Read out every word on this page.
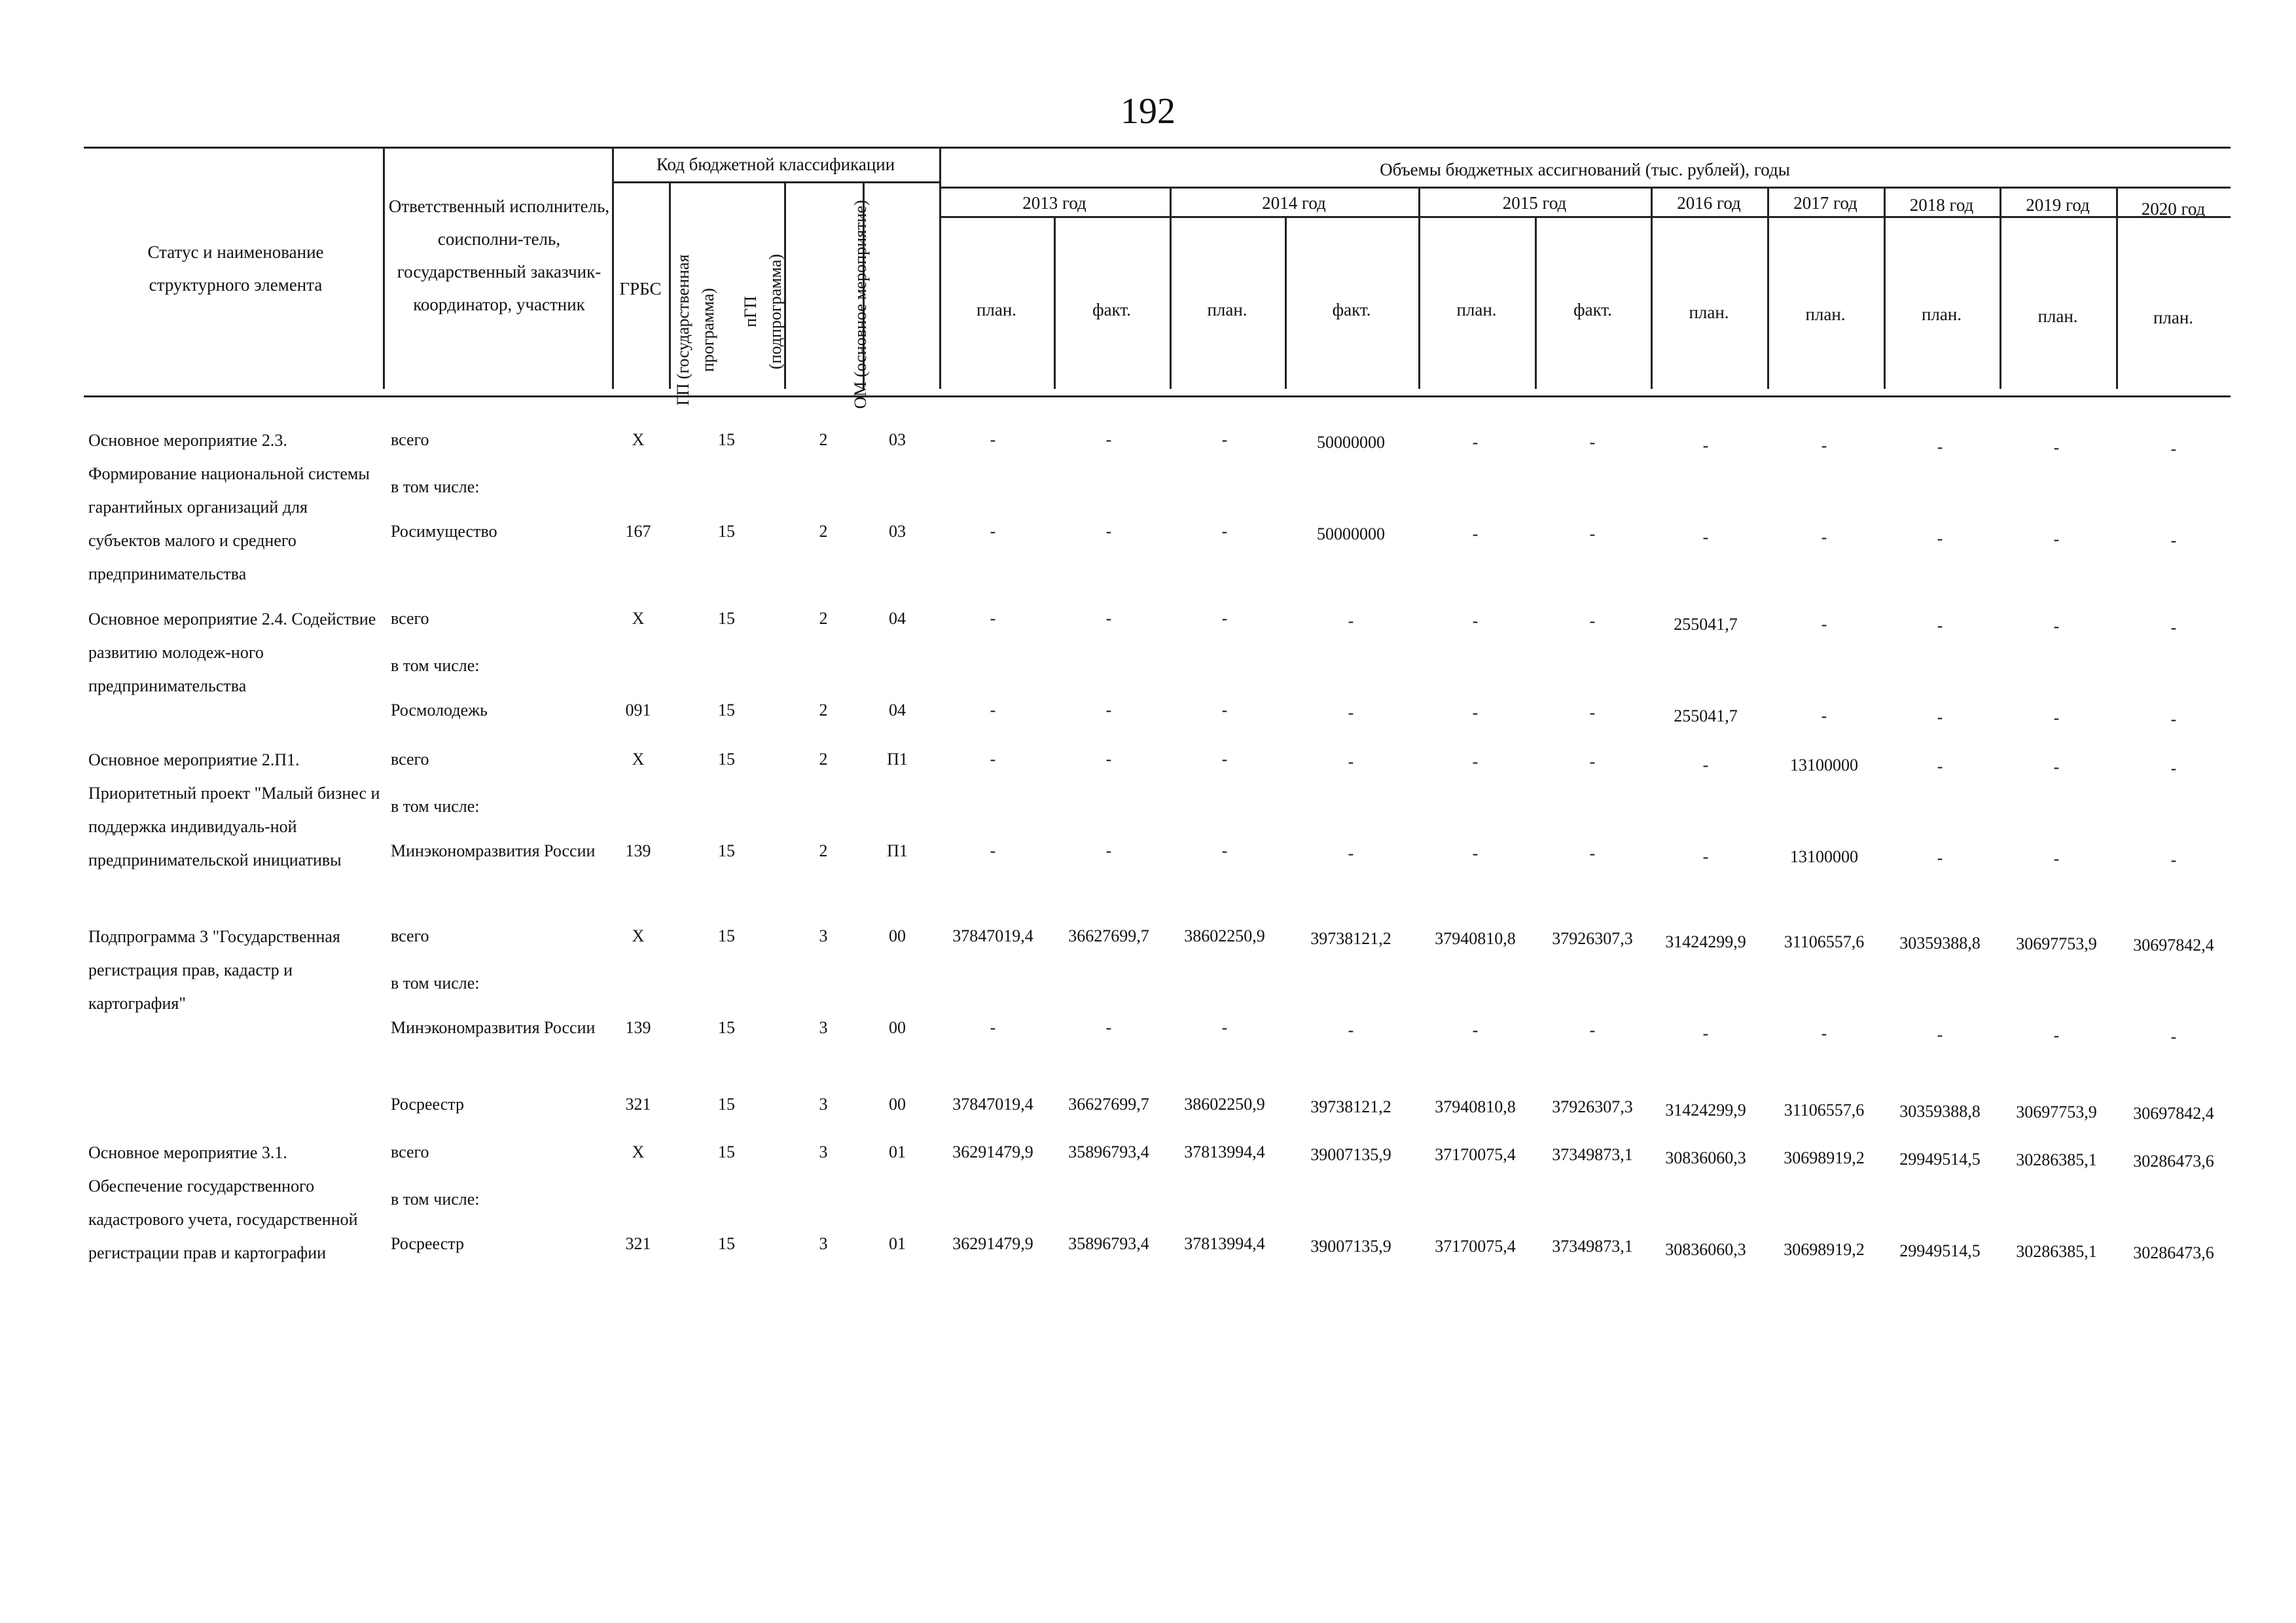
192
Статус и наименование структурного элемента
Ответственный исполнитель, соисполни-тель, государственный заказчик-координатор, участник
Код бюджетной классификации
ГРБС ГП (государственная программа)	пГП (подпрограмма)	ОМ (основное мероприятие)
Объемы бюджетных ассигнований (тыс. рублей), годы
2013 год	2014 год	2015 год	2016 год	2017 год	2018 год	2019 год	2020 год
план.	факт.	план.	факт.	план.	факт.	план.	план.	план.	план.	план.
Основное мероприятие 2.3. Формирование национальной системы гарантийных организаций для субъектов малого и среднего предпринимательства
всего	Х	15	2	03	-	-	-	50000000	-	-	-	-	-	-	-
в том числе:
Росимущество	167	15	2	03	-	-	-	50000000	-	-	-	-	-	-	-
Основное мероприятие 2.4. Содействие развитию молодеж-ного предпринимательства
всего	Х	15	2	04	-	-	-	-	-	-	255041,7	-	-	-	-
в том числе:
Росмолодежь	091	15	2	04	-	-	-	-	-	-	255041,7	-	-	-	-
Основное мероприятие 2.П1. Приоритетный проект "Малый бизнес и поддержка индивидуаль-ной предпринимательской инициативы
всего	Х	15	2	П1	-	-	-	-	-	-	-	13100000	-	-	-
в том числе:
Минэкономразвития России	139	15	2	П1	-	-	-	-	-	-	-	13100000	-	-	-
Подпрограмма 3 "Государственная регистрация прав, кадастр и картография"
всего	Х	15	3	00	37847019,4 36627699,7 38602250,9	39738121,2	37940810,8 37926307,3 31424299,9 31106557,6 30359388,8 30697753,9 30697842,4
в том числе:
Минэкономразвития России	139	15	3	00	-	-	-	-	-	-	-	-	-	-	-
Росреестр	321	15	3	00	37847019,4 36627699,7 38602250,9	39738121,2	37940810,8 37926307,3 31424299,9 31106557,6 30359388,8 30697753,9 30697842,4
Основное мероприятие 3.1. Обеспечение государственного кадастрового учета, государственной регистрации прав и картографии
всего	Х	15	3	01	36291479,9 35896793,4 37813994,4	39007135,9	37170075,4 37349873,1 30836060,3 30698919,2 29949514,5 30286385,1 30286473,6
в том числе:
Росреестр	321	15	3	01	36291479,9 35896793,4 37813994,4	39007135,9	37170075,4 37349873,1 30836060,3 30698919,2 29949514,5 30286385,1 30286473,6
